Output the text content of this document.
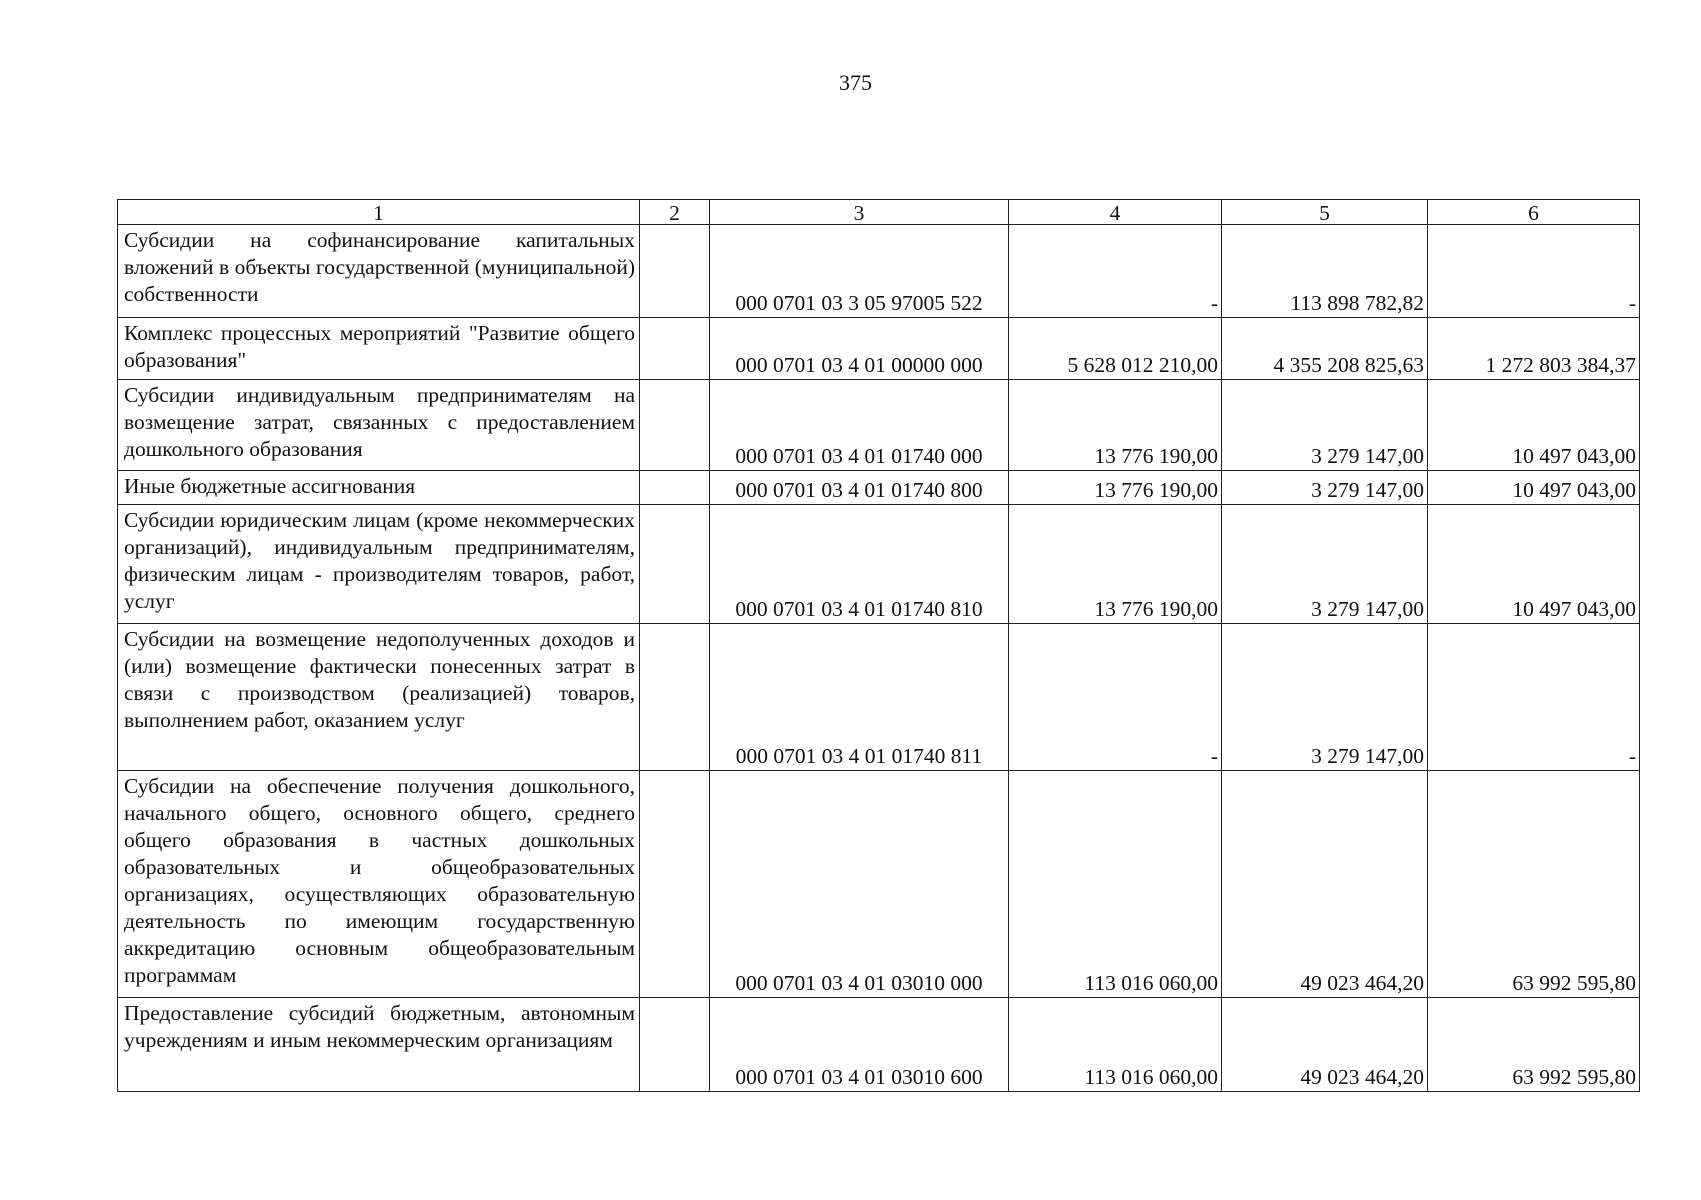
375
1	2	3	4	5	6
Субсидии на софинансирование капитальных вложений в объекты государственной (муниципальной) собственности		000 0701 03 3 05 97005 522	-	113 898 782,82	-
Комплекс процессных мероприятий "Развитие общего образования"		000 0701 03 4 01 00000 000	5 628 012 210,00	4 355 208 825,63	1 272 803 384,37
Субсидии индивидуальным предпринимателям на возмещение затрат, связанных с предоставлением дошкольного образования		000 0701 03 4 01 01740 000	13 776 190,00	3 279 147,00	10 497 043,00
Иные бюджетные ассигнования		000 0701 03 4 01 01740 800	13 776 190,00	3 279 147,00	10 497 043,00
Субсидии юридическим лицам (кроме некоммерческих организаций), индивидуальным предпринимателям, физическим лицам - производителям товаров, работ, услуг		000 0701 03 4 01 01740 810	13 776 190,00	3 279 147,00	10 497 043,00
Субсидии на возмещение недополученных доходов и (или) возмещение фактически понесенных затрат в связи с производством (реализацией) товаров, выполнением работ, оказанием услуг		000 0701 03 4 01 01740 811	-	3 279 147,00	-
Субсидии на обеспечение получения дошкольного, начального общего, основного общего, среднего общего образования в частных дошкольных образовательных и общеобразовательных организациях, осуществляющих образовательную деятельность по имеющим государственную аккредитацию основным общеобразовательным программам		000 0701 03 4 01 03010 000	113 016 060,00	49 023 464,20	63 992 595,80
Предоставление субсидий бюджетным, автономным учреждениям и иным некоммерческим организациям		000 0701 03 4 01 03010 600	113 016 060,00	49 023 464,20	63 992 595,80
